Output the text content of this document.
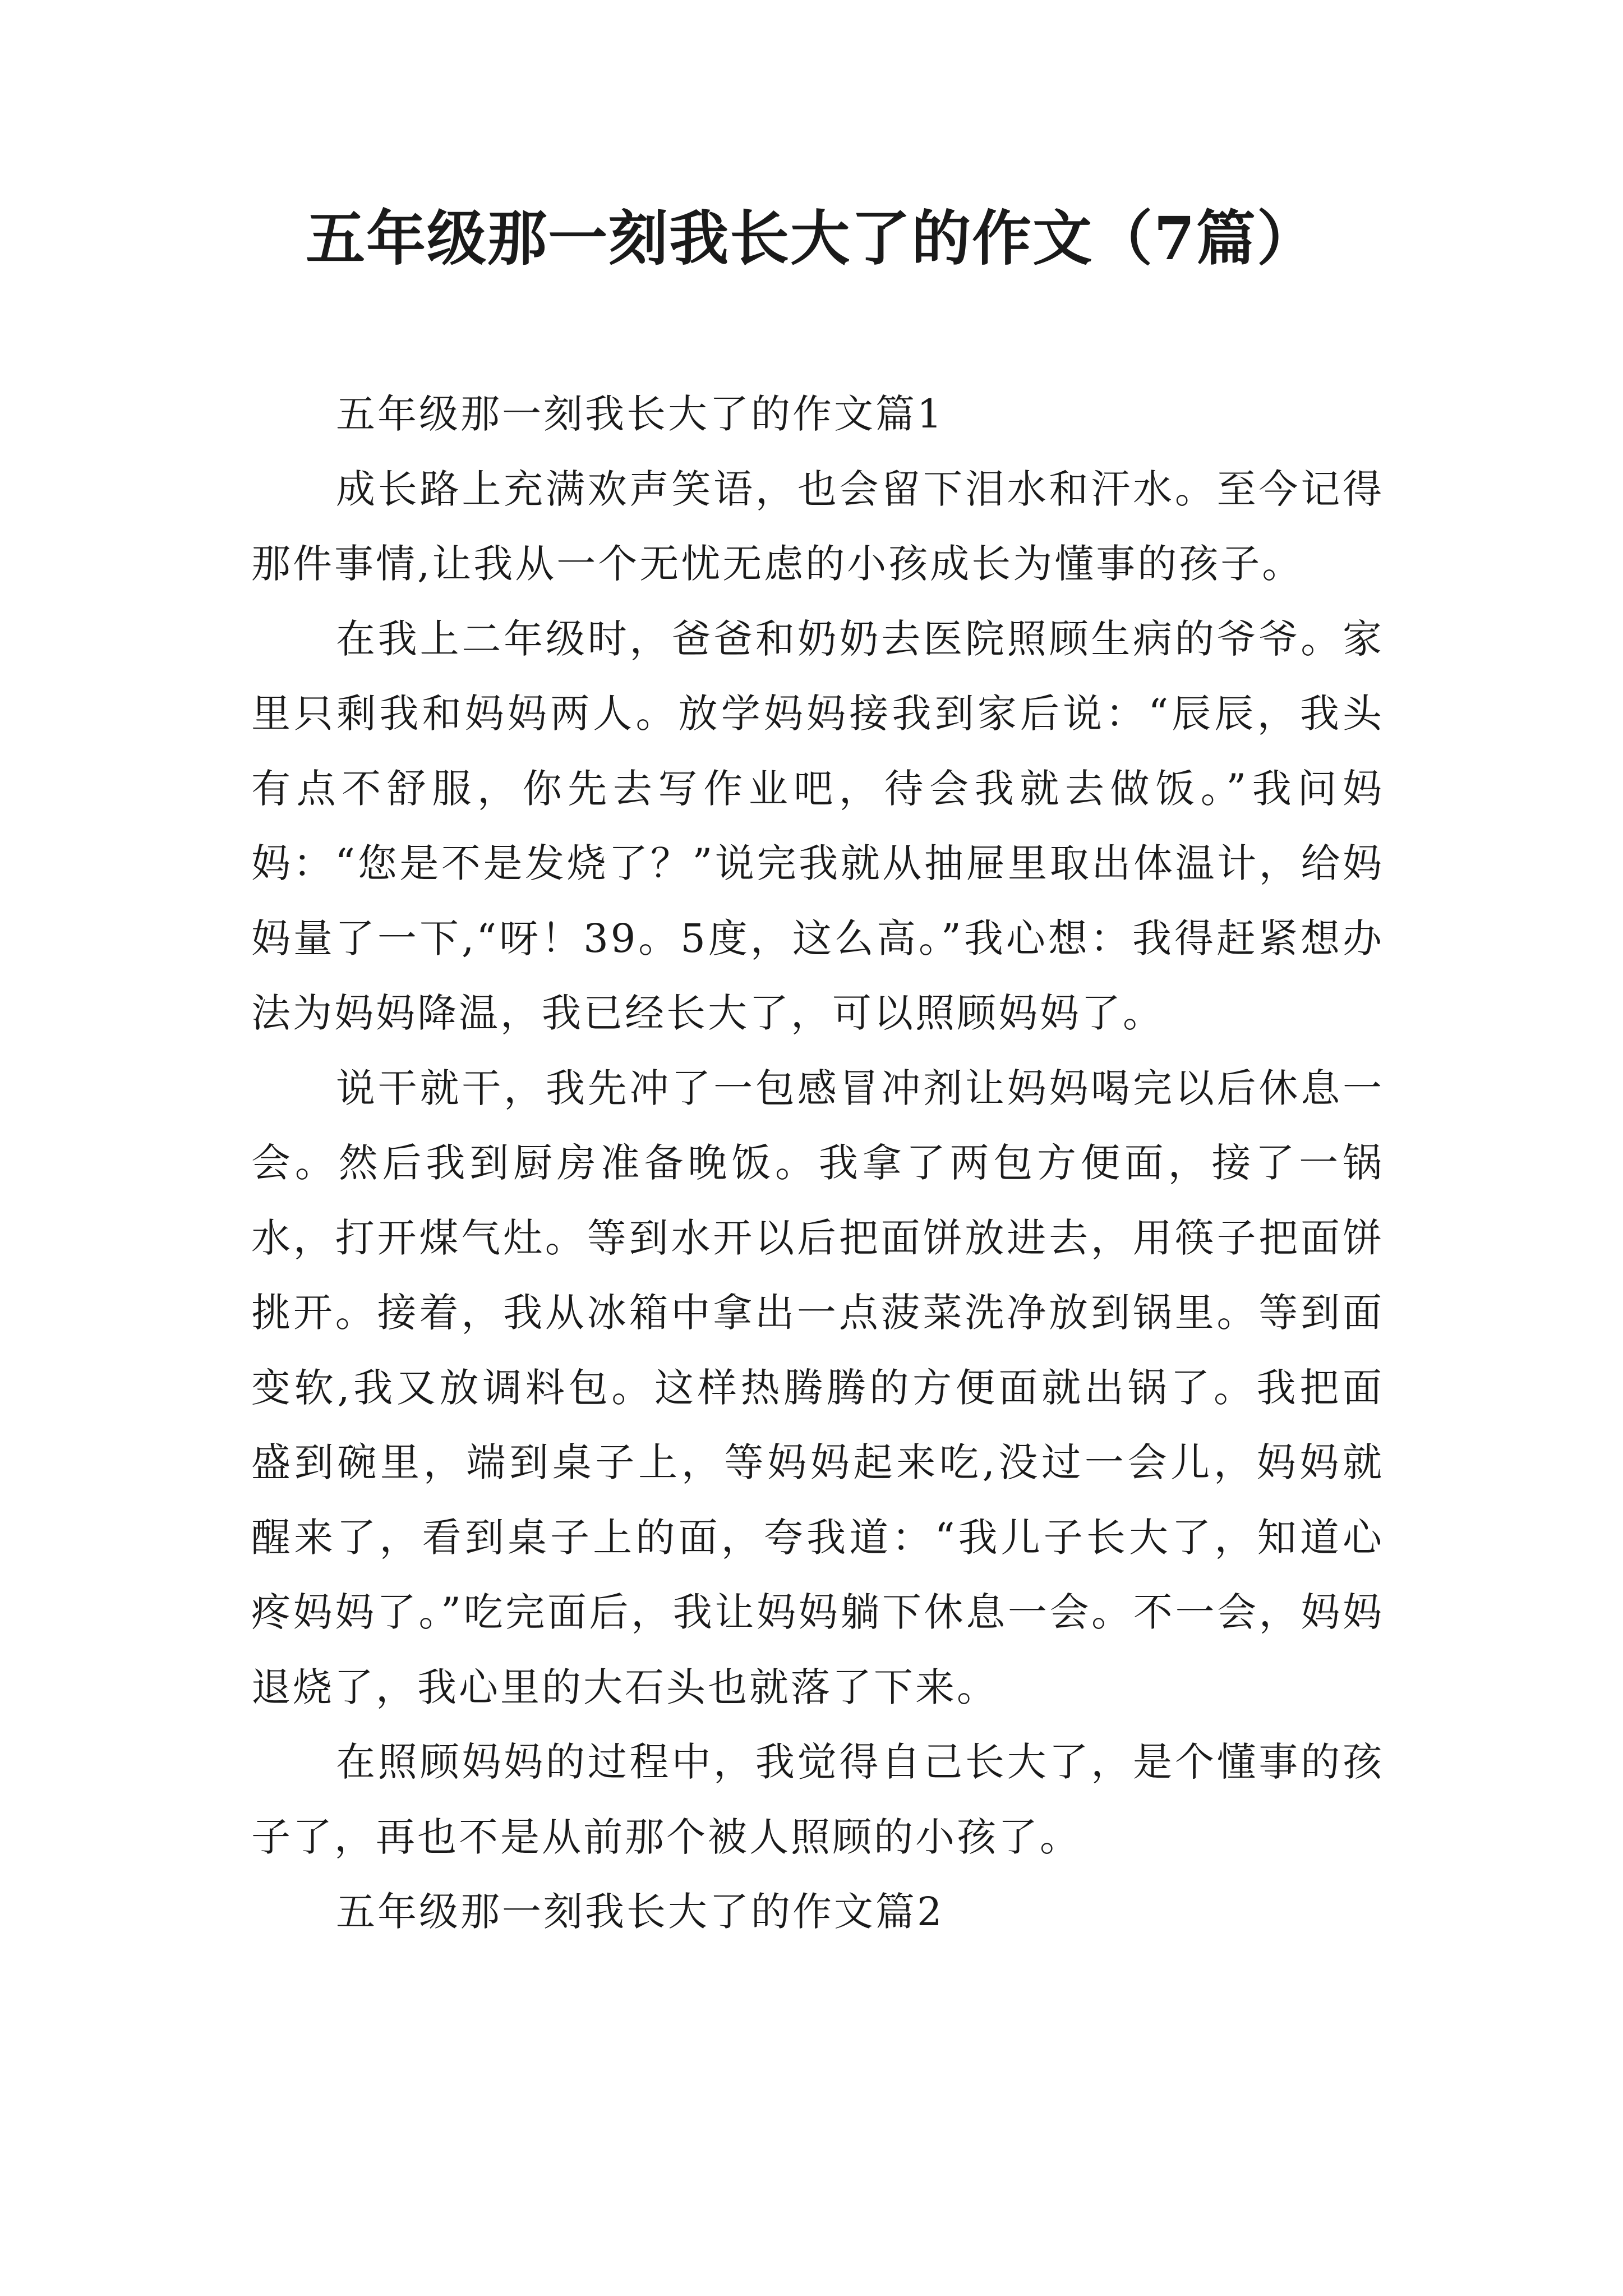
五年级那一刻我长大了的作文（7篇）

五年级那一刻我长大了的作文篇1

成长路上充满欢声笑语，也会留下泪水和汗水。至今记得那件事情,让我从一个无忧无虑的小孩成长为懂事的孩子。

在我上二年级时，爸爸和奶奶去医院照顾生病的爷爷。家里只剩我和妈妈两人。放学妈妈接我到家后说：“辰辰，我头有点不舒服，你先去写作业吧，待会我就去做饭。”我问妈妈：“您是不是发烧了？”说完我就从抽屉里取出体温计，给妈妈量了一下,“呀！39。5度，这么高。”我心想：我得赶紧想办法为妈妈降温，我已经长大了，可以照顾妈妈了。

说干就干，我先冲了一包感冒冲剂让妈妈喝完以后休息一会。然后我到厨房准备晚饭。我拿了两包方便面，接了一锅水，打开煤气灶。等到水开以后把面饼放进去，用筷子把面饼挑开。接着，我从冰箱中拿出一点菠菜洗净放到锅里。等到面变软,我又放调料包。这样热腾腾的方便面就出锅了。我把面盛到碗里，端到桌子上，等妈妈起来吃,没过一会儿，妈妈就醒来了，看到桌子上的面，夸我道：“我儿子长大了，知道心疼妈妈了。”吃完面后，我让妈妈躺下休息一会。不一会，妈妈退烧了，我心里的大石头也就落了下来。

在照顾妈妈的过程中，我觉得自己长大了，是个懂事的孩子了，再也不是从前那个被人照顾的小孩了。

五年级那一刻我长大了的作文篇2
